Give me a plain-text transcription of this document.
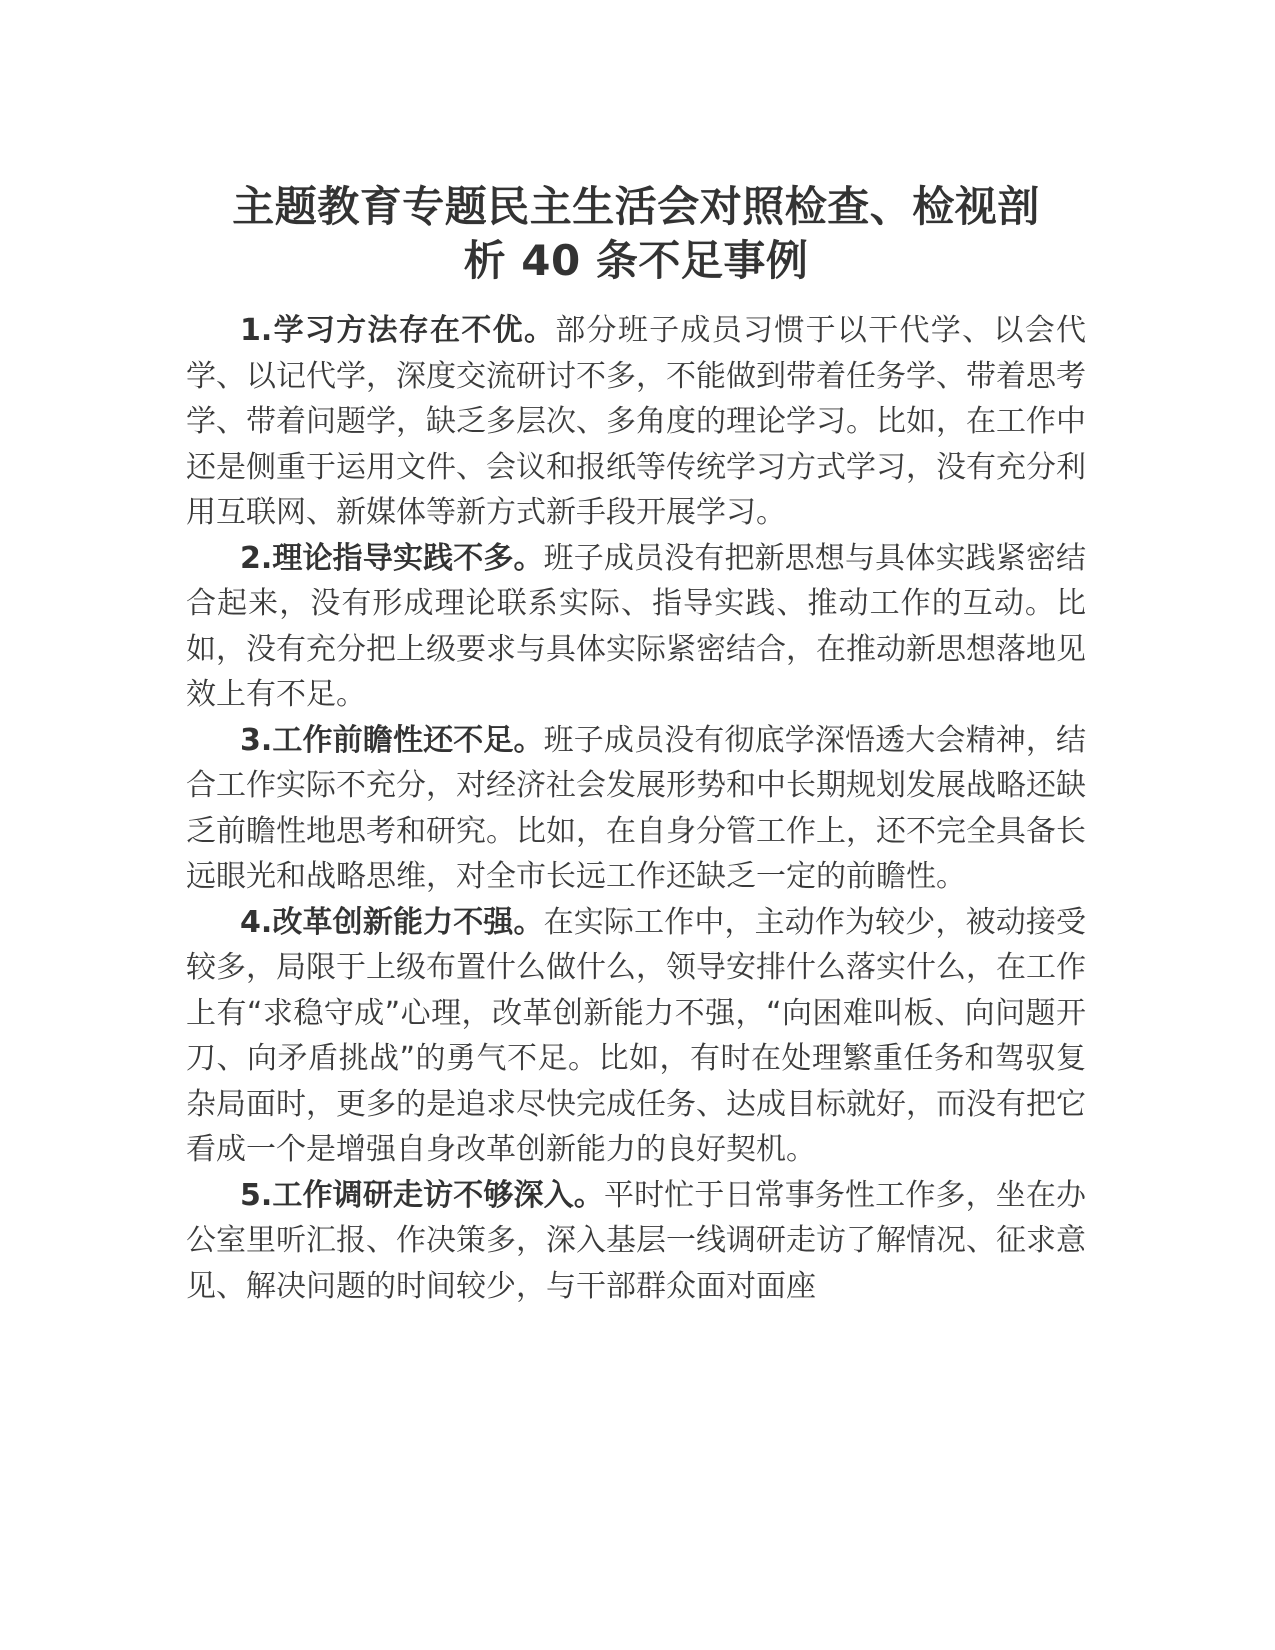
主题教育专题民主生活会对照检查、检视剖
析 40 条不足事例

1.学习方法存在不优。部分班子成员习惯于以干代学、以会代学、以记代学，深度交流研讨不多，不能做到带着任务学、带着思考学、带着问题学，缺乏多层次、多角度的理论学习。比如，在工作中还是侧重于运用文件、会议和报纸等传统学习方式学习，没有充分利用互联网、新媒体等新方式新手段开展学习。

2.理论指导实践不多。班子成员没有把新思想与具体实践紧密结合起来，没有形成理论联系实际、指导实践、推动工作的互动。比如，没有充分把上级要求与具体实际紧密结合，在推动新思想落地见效上有不足。

3.工作前瞻性还不足。班子成员没有彻底学深悟透大会精神，结合工作实际不充分，对经济社会发展形势和中长期规划发展战略还缺乏前瞻性地思考和研究。比如，在自身分管工作上，还不完全具备长远眼光和战略思维，对全市长远工作还缺乏一定的前瞻性。

4.改革创新能力不强。在实际工作中，主动作为较少，被动接受较多，局限于上级布置什么做什么，领导安排什么落实什么，在工作上有“求稳守成”心理，改革创新能力不强，“向困难叫板、向问题开刀、向矛盾挑战”的勇气不足。比如，有时在处理繁重任务和驾驭复杂局面时，更多的是追求尽快完成任务、达成目标就好，而没有把它看成一个是增强自身改革创新能力的良好契机。

5.工作调研走访不够深入。平时忙于日常事务性工作多，坐在办公室里听汇报、作决策多，深入基层一线调研走访了解情况、征求意见、解决问题的时间较少，与干部群众面对面座
